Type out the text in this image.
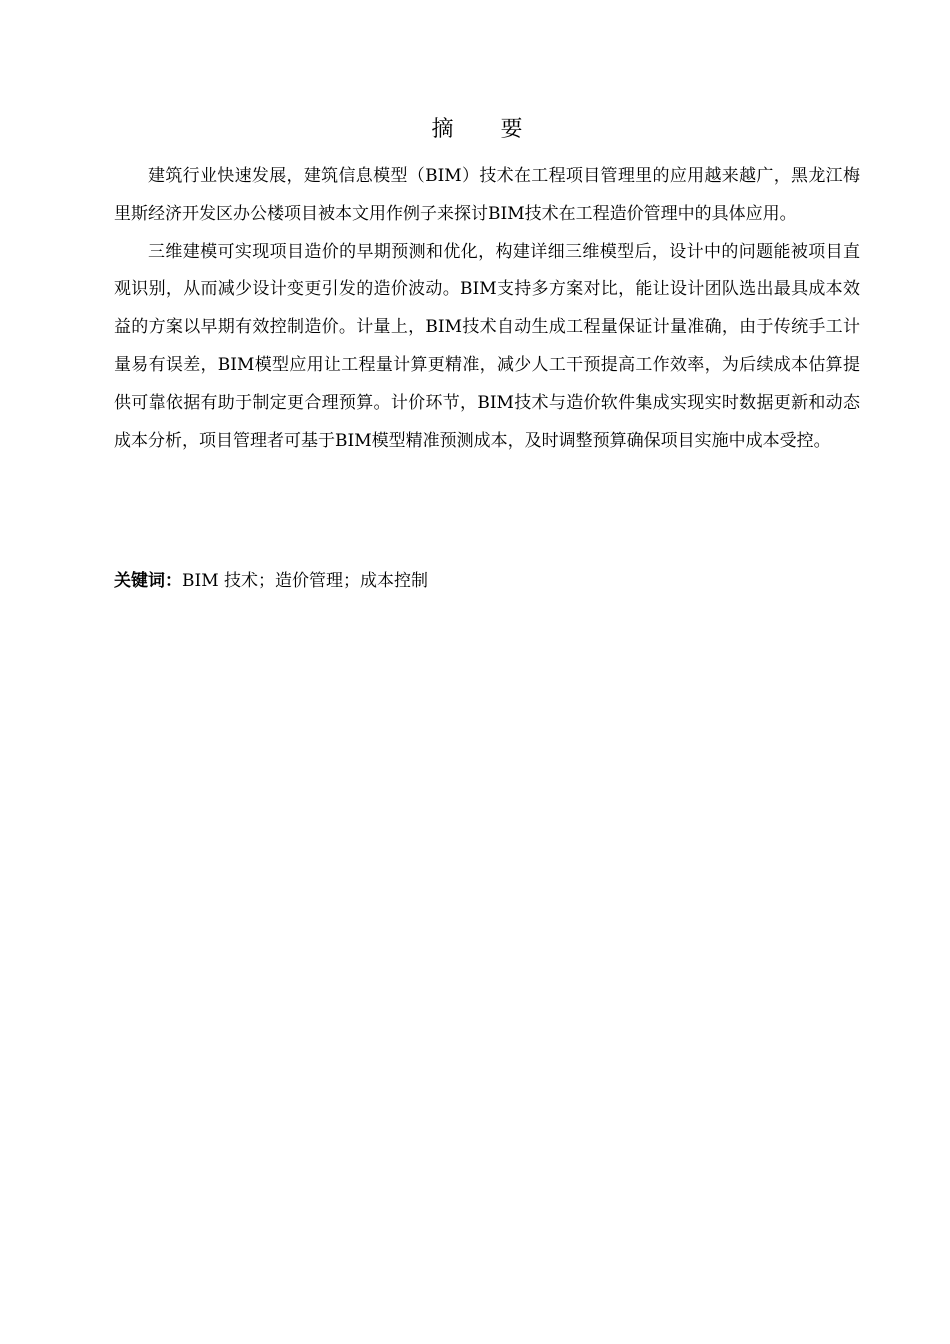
摘 要

建筑行业快速发展，建筑信息模型（BIM）技术在工程项目管理里的应用越来越广，黑龙江梅里斯经济开发区办公楼项目被本文用作例子来探讨BIM技术在工程造价管理中的具体应用。

三维建模可实现项目造价的早期预测和优化，构建详细三维模型后，设计中的问题能被项目直观识别，从而减少设计变更引发的造价波动。BIM支持多方案对比，能让设计团队选出最具成本效益的方案以早期有效控制造价。计量上，BIM技术自动生成工程量保证计量准确，由于传统手工计量易有误差，BIM模型应用让工程量计算更精准，减少人工干预提高工作效率，为后续成本估算提供可靠依据有助于制定更合理预算。计价环节，BIM技术与造价软件集成实现实时数据更新和动态成本分析，项目管理者可基于BIM模型精准预测成本，及时调整预算确保项目实施中成本受控。

关键词：BIM 技术；造价管理；成本控制
